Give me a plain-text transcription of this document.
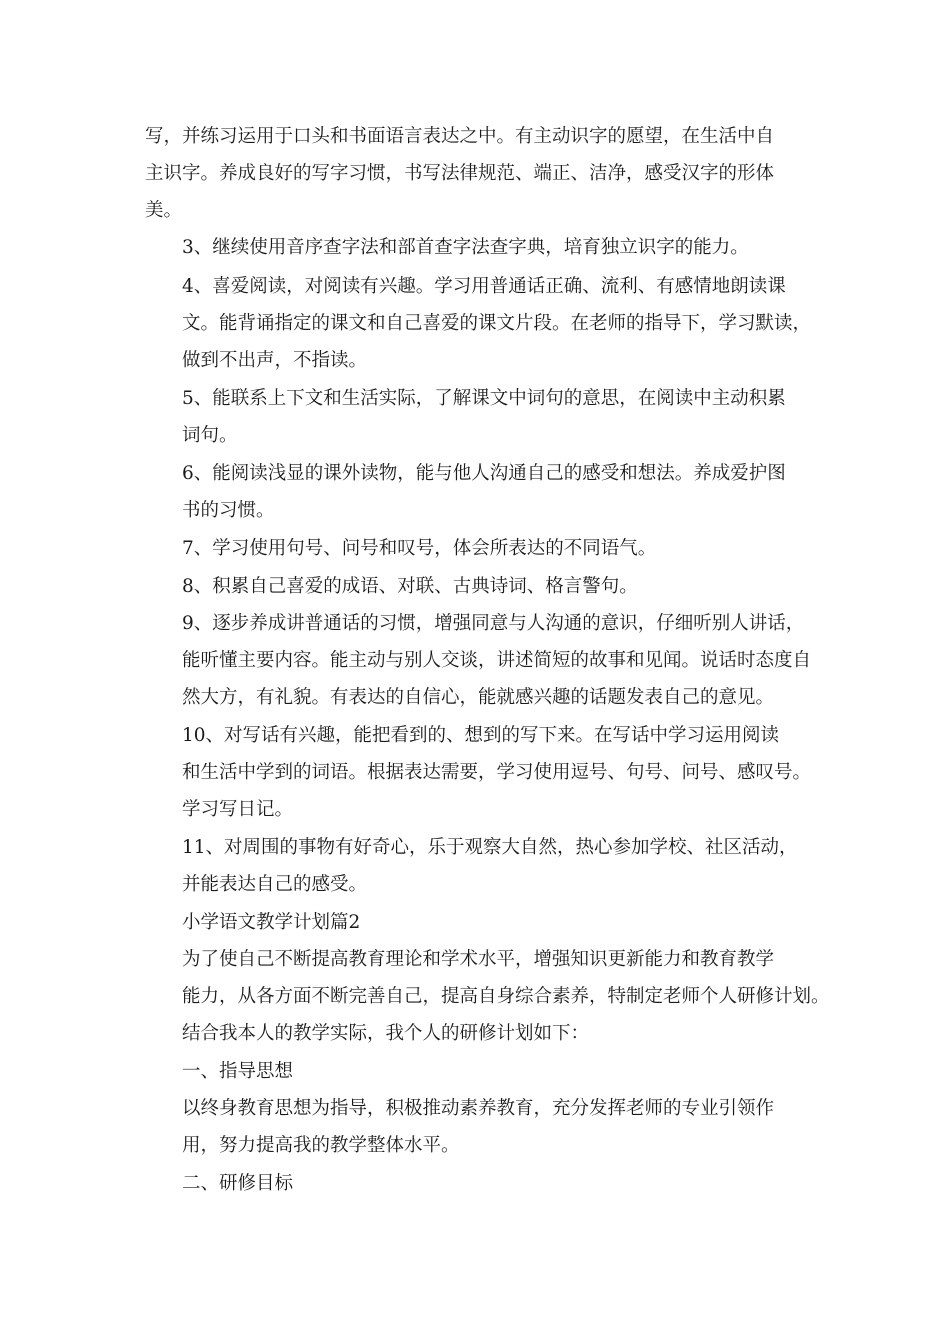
写，并练习运用于口头和书面语言表达之中。有主动识字的愿望，在生活中自
主识字。养成良好的写字习惯，书写法律规范、端正、洁净，感受汉字的形体
美。

3、继续使用音序查字法和部首查字法查字典，培育独立识字的能力。

4、喜爱阅读，对阅读有兴趣。学习用普通话正确、流利、有感情地朗读课
文。能背诵指定的课文和自己喜爱的课文片段。在老师的指导下，学习默读，
做到不出声，不指读。

5、能联系上下文和生活实际，了解课文中词句的意思，在阅读中主动积累
词句。

6、能阅读浅显的课外读物，能与他人沟通自己的感受和想法。养成爱护图
书的习惯。

7、学习使用句号、问号和叹号，体会所表达的不同语气。

8、积累自己喜爱的成语、对联、古典诗词、格言警句。

9、逐步养成讲普通话的习惯，增强同意与人沟通的意识，仔细听别人讲话，
能听懂主要内容。能主动与别人交谈，讲述简短的故事和见闻。说话时态度自
然大方，有礼貌。有表达的自信心，能就感兴趣的话题发表自己的意见。

10、对写话有兴趣，能把看到的、想到的写下来。在写话中学习运用阅读
和生活中学到的词语。根据表达需要，学习使用逗号、句号、问号、感叹号。
学习写日记。

11、对周围的事物有好奇心，乐于观察大自然，热心参加学校、社区活动，
并能表达自己的感受。

小学语文教学计划篇2

为了使自己不断提高教育理论和学术水平，增强知识更新能力和教育教学
能力，从各方面不断完善自己，提高自身综合素养，特制定老师个人研修计划。
结合我本人的教学实际，我个人的研修计划如下：

一、指导思想

以终身教育思想为指导，积极推动素养教育，充分发挥老师的专业引领作
用，努力提高我的教学整体水平。

二、研修目标
